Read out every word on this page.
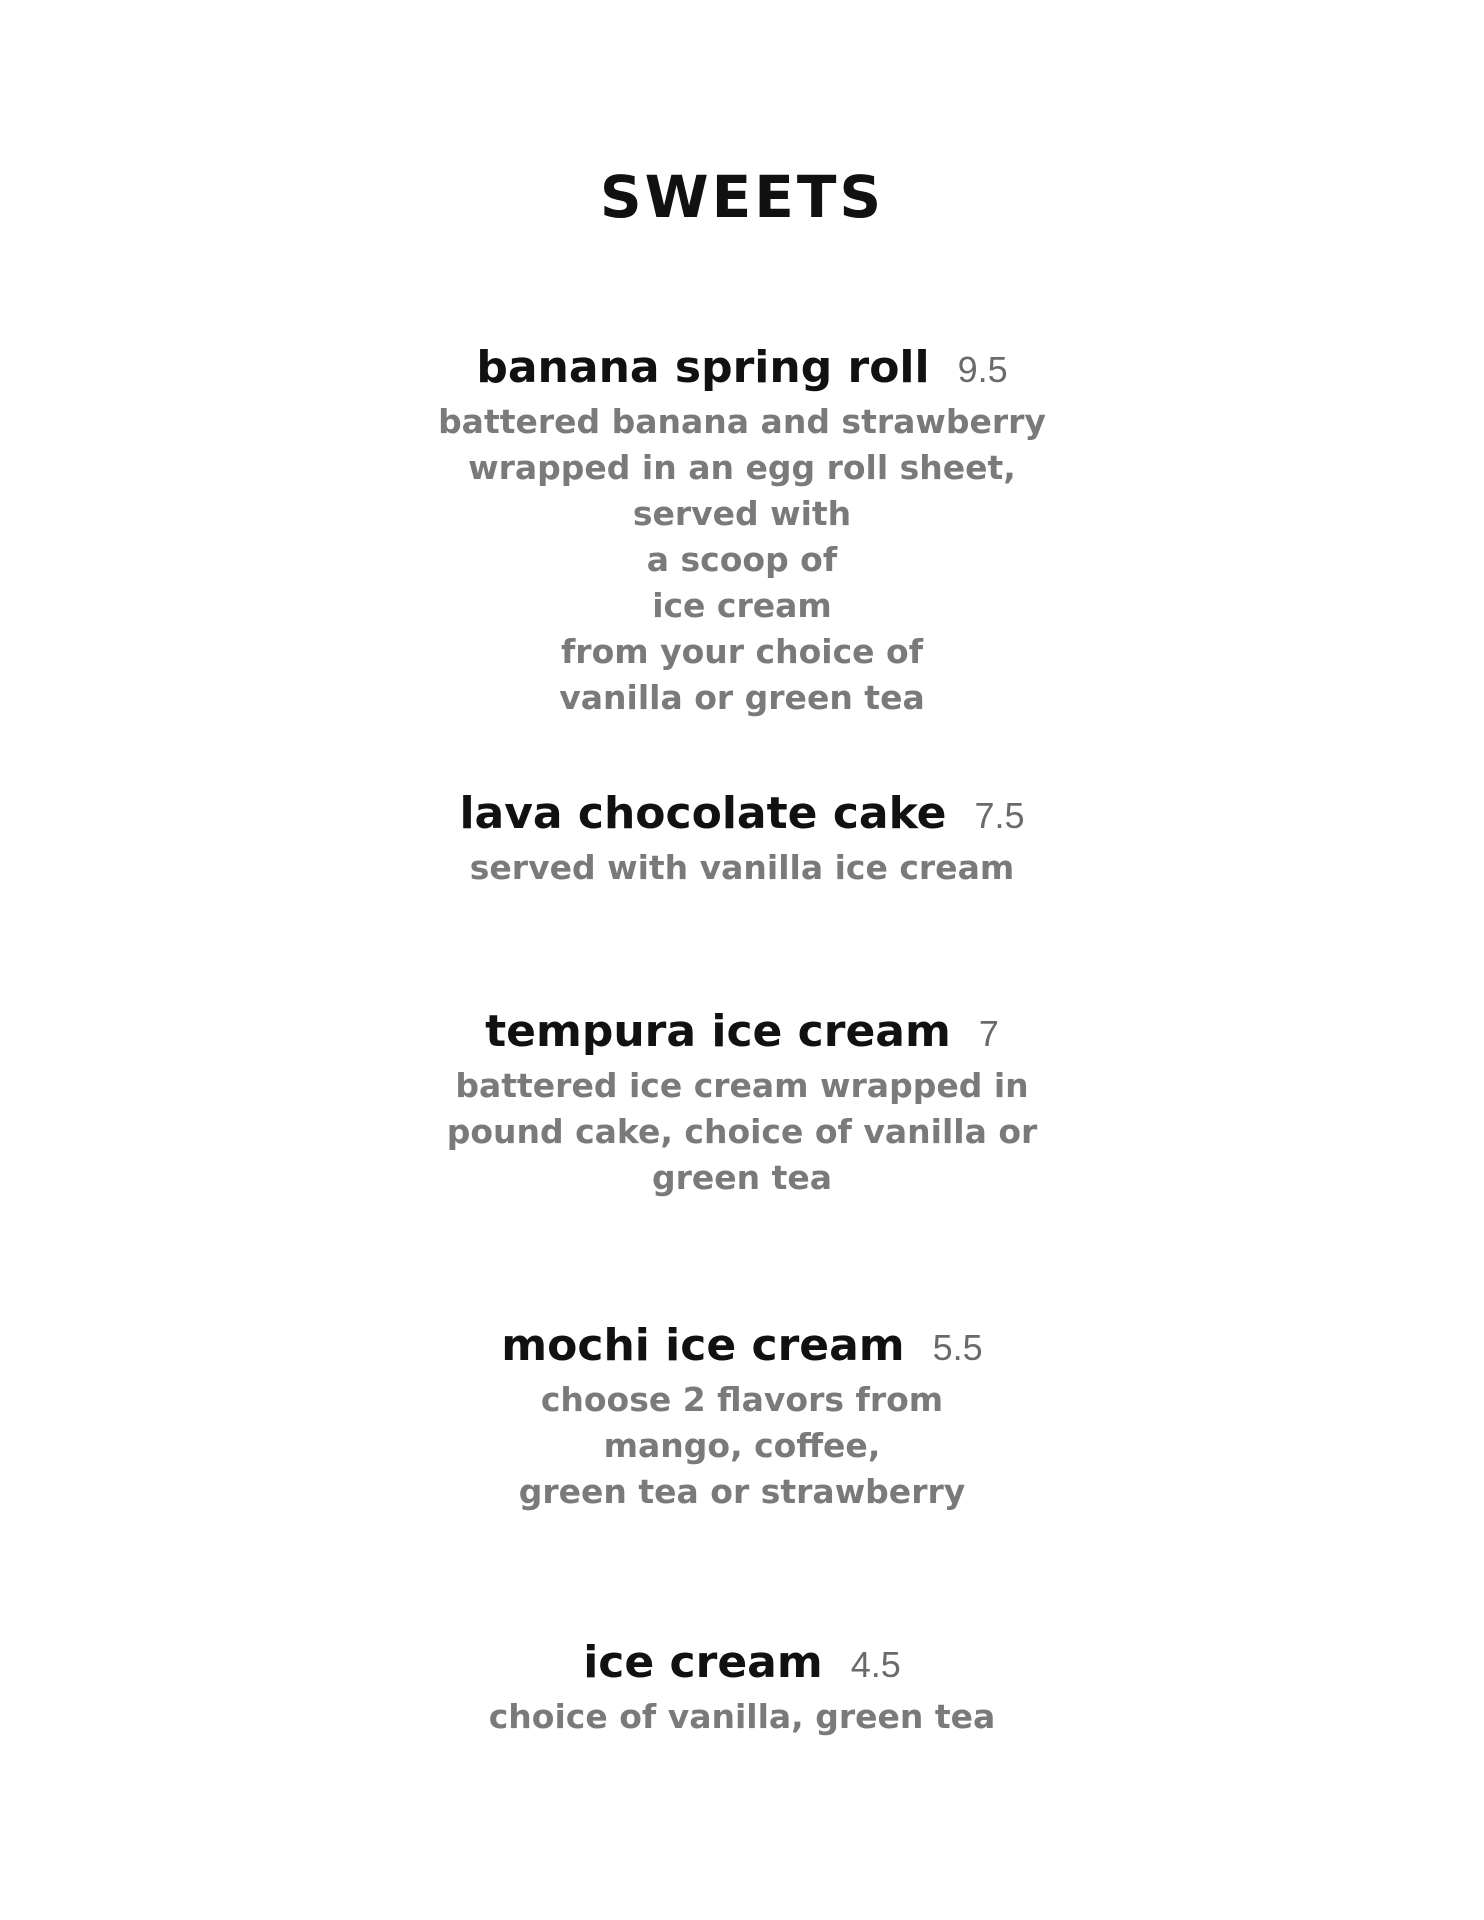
SWEETS
banana spring roll 9.5
battered banana and strawberry
wrapped in an egg roll sheet,
served with
a scoop of
ice cream
from your choice of
vanilla or green tea
lava chocolate cake 7.5
served with vanilla ice cream
tempura ice cream 7
battered ice cream wrapped in
pound cake, choice of vanilla or
green tea
mochi ice cream 5.5
choose 2 flavors from
mango, coffee,
green tea or strawberry
ice cream 4.5
choice of vanilla, green tea
